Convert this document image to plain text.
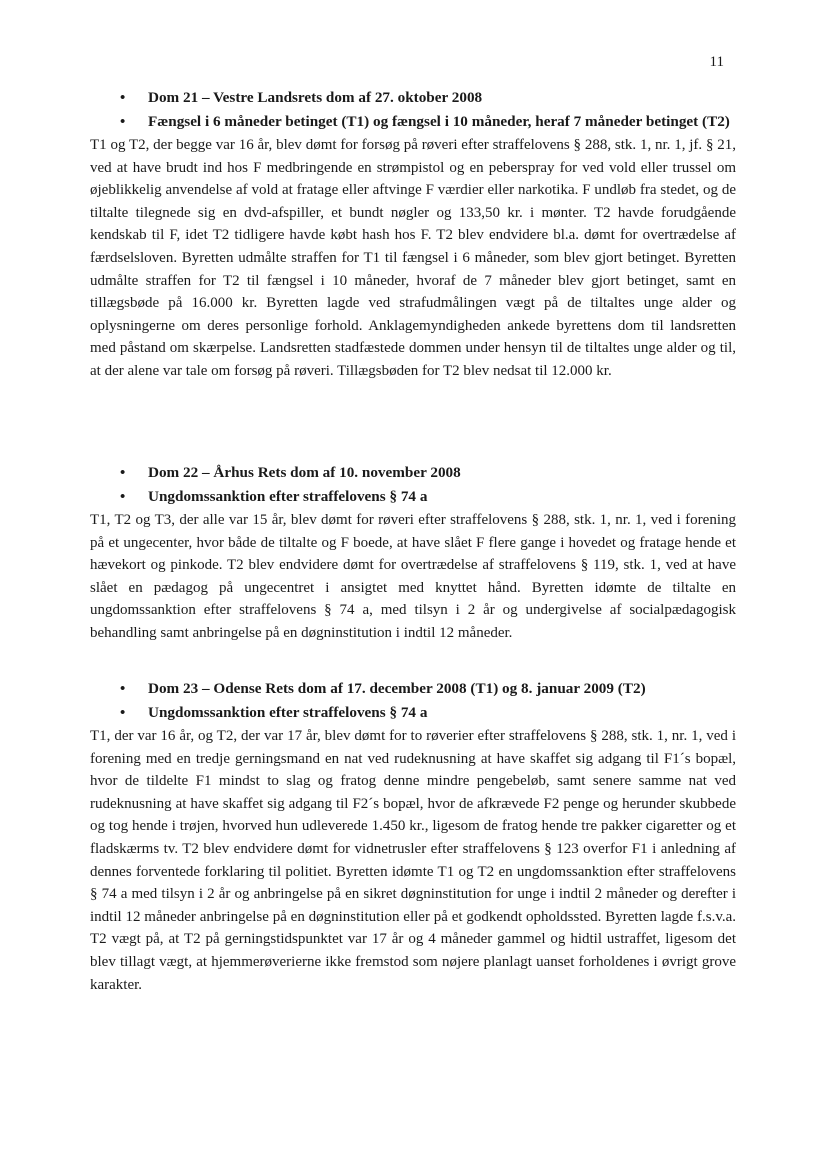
11
• Dom 21 – Vestre Landsrets dom af 27. oktober 2008
• Fængsel i 6 måneder betinget (T1) og fængsel i 10 måneder, heraf 7 måneder betinget (T2)

T1 og T2, der begge var 16 år, blev dømt for forsøg på røveri efter straffelovens § 288, stk. 1, nr. 1, jf. § 21, ved at have brudt ind hos F medbringende en strømpistol og en peberspray for ved vold eller trussel om øjeblikkelig anvendelse af vold at fratage eller aftvinge F værdier eller narkotika. F undløb fra stedet, og de tiltalte tilegnede sig en dvd-afspiller, et bundt nøgler og 133,50 kr. i mønter. T2 havde forudgående kendskab til F, idet T2 tidligere havde købt hash hos F. T2 blev endvidere bl.a. dømt for overtrædelse af færdselsloven. Byretten udmålte straffen for T1 til fængsel i 6 måneder, som blev gjort betinget. Byretten udmålte straffen for T2 til fængsel i 10 måneder, hvoraf de 7 måneder blev gjort betinget, samt en tillægsbøde på 16.000 kr. Byretten lagde ved strafudmålingen vægt på de tiltaltes unge alder og oplysningerne om deres personlige forhold. Anklagemyndigheden ankede byrettens dom til landsretten med påstand om skærpelse. Landsretten stadfæstede dommen under hensyn til de tiltaltes unge alder og til, at der alene var tale om forsøg på røveri. Tillægsbøden for T2 blev nedsat til 12.000 kr.

• Dom 22 – Århus Rets dom af 10. november 2008
• Ungdomssanktion efter straffelovens § 74 a

T1, T2 og T3, der alle var 15 år, blev dømt for røveri efter straffelovens § 288, stk. 1, nr. 1, ved i forening på et ungecenter, hvor både de tiltalte og F boede, at have slået F flere gange i hovedet og fratage hende et hævekort og pinkode. T2 blev endvidere dømt for overtrædelse af straffelovens § 119, stk. 1, ved at have slået en pædagog på ungecentret i ansigtet med knyttet hånd. Byretten idømte de tiltalte en ungdomssanktion efter straffelovens § 74 a, med tilsyn i 2 år og undergivelse af socialpædagogisk behandling samt anbringelse på en døgninstitution i indtil 12 måneder.

• Dom 23 – Odense Rets dom af 17. december 2008 (T1) og 8. januar 2009 (T2)
• Ungdomssanktion efter straffelovens § 74 a

T1, der var 16 år, og T2, der var 17 år, blev dømt for to røverier efter straffelovens § 288, stk. 1, nr. 1, ved i forening med en tredje gerningsmand en nat ved rudeknusning at have skaffet sig adgang til F1´s bopæl, hvor de tildelte F1 mindst to slag og fratog denne mindre pengebeløb, samt senere samme nat ved rudeknusning at have skaffet sig adgang til F2´s bopæl, hvor de afkrævede F2 penge og herunder skubbede og tog hende i trøjen, hvorved hun udleverede 1.450 kr., ligesom de fratog hende tre pakker cigaretter og et fladskærms tv. T2 blev endvidere dømt for vidnetrusler efter straffelovens § 123 overfor F1 i anledning af dennes forventede forklaring til politiet. Byretten idømte T1 og T2 en ungdomssanktion efter straffelovens § 74 a med tilsyn i 2 år og anbringelse på en sikret døgninstitution for unge i indtil 2 måneder og derefter i indtil 12 måneder anbringelse på en døgninstitution eller på et godkendt opholdssted. Byretten lagde f.s.v.a. T2 vægt på, at T2 på gerningstidspunktet var 17 år og 4 måneder gammel og hidtil ustraffet, ligesom det blev tillagt vægt, at hjemmerøverierne ikke fremstod som nøjere planlagt uanset forholdenes i øvrigt grove karakter.
